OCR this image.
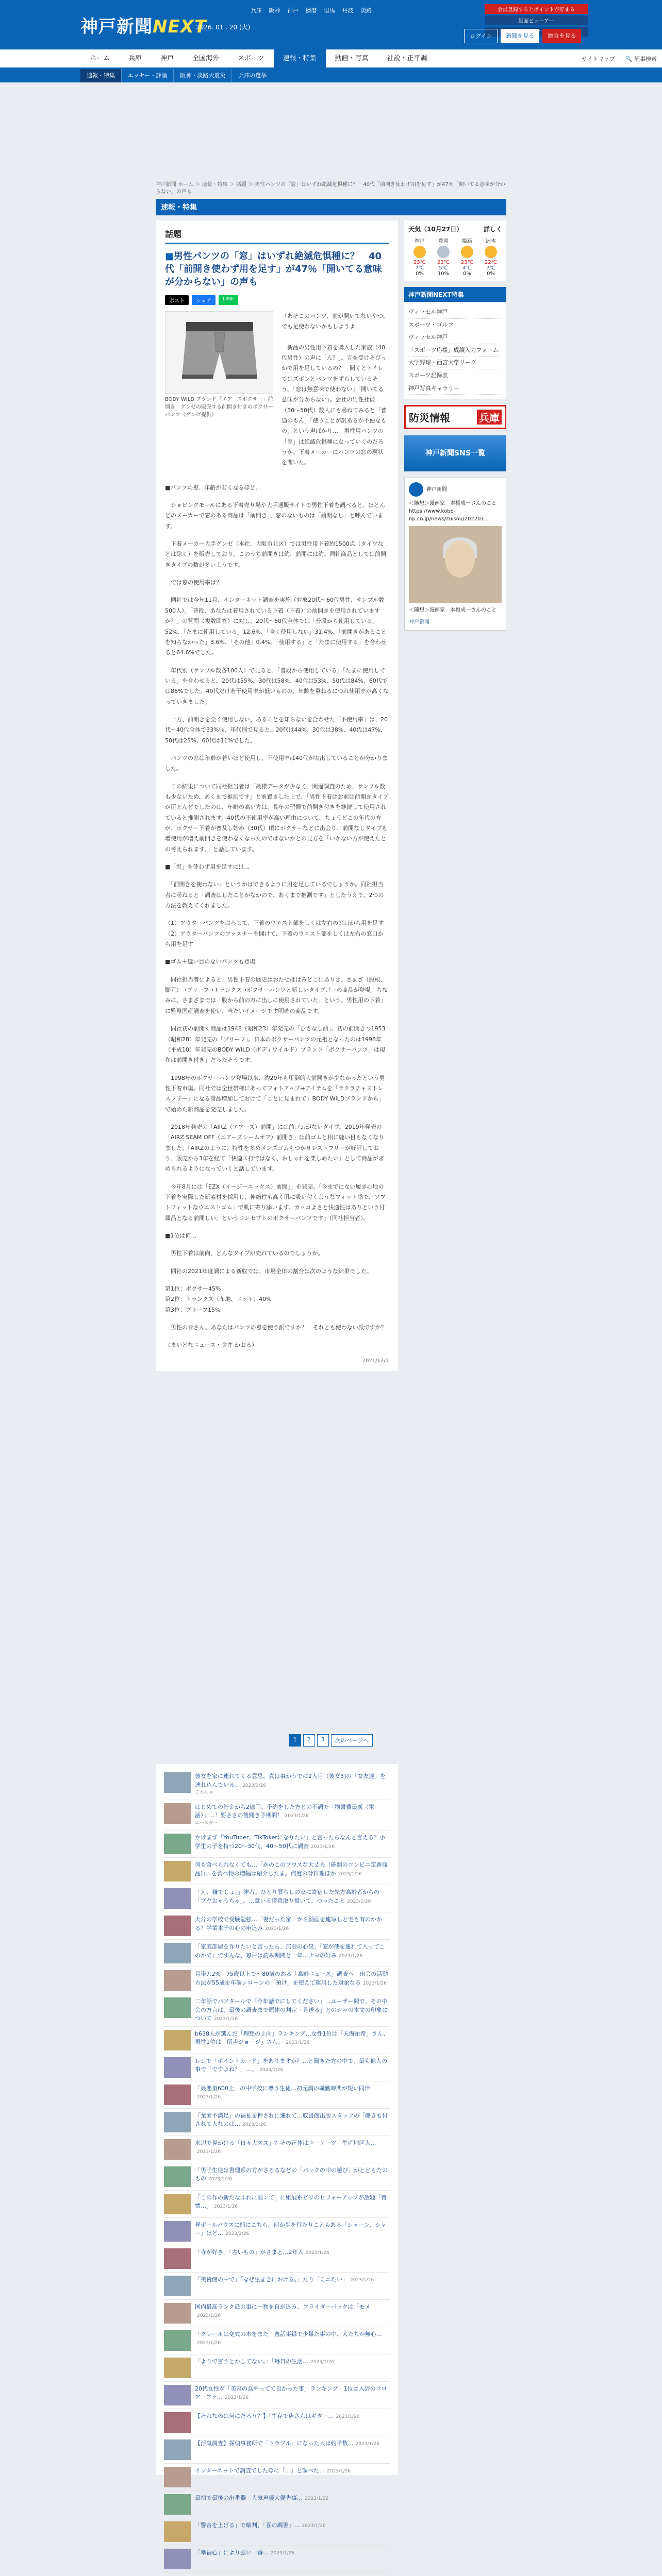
神戸新聞NEXT
2026. 01 . 20 (火)
兵庫 阪神 神戸 播磨 但馬 丹波 淡路	会員登録するとポイントが貯まる
紙面ビューアー
ログイン	新聞を見る	総合を見る
ホーム	兵庫	神戸	全国海外	スポーツ	速報・特集	動画・写真	社説・正平調	サイトマップ	🔍 記事検索
速報・特集	エッセー・評論	阪神・淡路大震災	兵庫の選挙
神戸新聞 ホーム ＞ 速報・特集 ＞ 話題 ＞ 男性パンツの「窓」はいずれ絶滅危惧種に？　40代「前開き使わず用を足す」が47％「開いてる意味が分からない」の声も
速報・特集
話題
■男性パンツの「窓」はいずれ絶滅危惧種に？　40代「前開き使わず用を足す」が47％「開いてる意味が分からない」の声も
ポスト	シェア	LINE
BODY WILD ブランド「エアーズボクサー」前開き　グンゼの販売する前開き付きのボクサーパンツ（グンゼ提供）
「あそこのパンツ、前が開いてないやつ。でも足使わないかもしようよ」

　新品の男性用下着を購入した家族（40代男性）の声に「ん？」。言を受けそびっかで用を足しているの？　聞くとトイレではズボンとパンツをずらしているそう。「窓は無意味で使わない」「開いてる意味が分からない」。会社の男性社員（30〜50代）数人にも尋ねてみると「普通のもん」「使うことが訳あるか不便なもの」という声ばかり…　男性用パンツの「窓」は絶滅危惧種になっていくのだろうか。下着メーカーにパンツの窓の現状を聞いた。
■パンツの窓、年齢が若くなるほど…
　ショピングモールにある下着売り場や大手通販サイトで男性下着を調べると、ほとんどのメーカーで窓のある商品は「前開き」、窓のないものは「前開なし」と呼んでいます。
　下着メーカー大手グンゼ（本社、大阪市北区）では男性用下着約1500点（タイツなどは除く）を販売しており、このうち前開きは約、前開には約。同社商品としては前開きタイプの数が多いようです。
　では窓の使用率は？
　同社では今年11月、インターネット調査を実施（対象20代〜60代男性、サンプル数500人）。「普段、あなたは着用されている下着（下着）の前開きを使用されていますか？」の質問（複数回答）に対し、20代〜60代全体では「普段から使用している」52%、「たまに使用している」12.6%、「全く使用しない」31.4%、「前開きがあることを知らなかった」3.6%、「その他」0.4%。「使用する」と「たまに使用する」を合わせると64.6%でした。
　年代別（サンプル数各100人）で見ると、「普段から使用している」「たまに使用している」を合わせると、20代は55%、30代は58%、40代は53%、50代は84%、60代では86%でした。40代だけ若干使用率が低いものの、年齢を重ねるにつれ使用率が高くなっていきました。
　一方、前開きを全く使用しない、あることを知らないを合わせた「不使用率」は、20代〜40代全体で33%％、年代別で見ると、20代は44%、30代は38%、40代は47%、50代は25%、60代は11%でした。
　パンツの窓は年齢が若いほど使用し、不使用率は40代が突出していることが分かりました。
　この結果について同社担当者は「最様データが少なく、間違調査のため、サンプル数も少ないため、あくまで推測です」と前置きした上で、「男性下着はお前は前開きタイプが圧とんどでしたのは、年齢の高い方は、長年の習慣で前開き付きを継続して使用されていると推測されます。40代の不使用率が高い理由について、ちょうどこの年代の方が、ボクサー下着が普及し始め（30代）頃にボクサーなどに出会り、前開なしタイプも増使用が増え前開きを使わなくなったのではないかとの見方を「いかない方が使えたとの考えられます。」と話しています。
■「窓」を使わず用を足すには…
　「前開きを使わない」というかはできるように用を足しているでしょうか。同社担当者に尋ねると「調査はしたことがなかので、あくまで推測です」としたうえで、2つの方法を教えてくれました。
（1）アウターパンツをおろして、下着のウエスト部をしくは左右の窓口から用を足す
（2）アウターパンツのファスナーを開けて、下着のウエスト部をしくは左右の窓口から用を足す
■ゴム＋縫い目のないパンツも登場
　同社担当者によると、男性下着の歴史はおたせははみどこにありき、さまざ（股根、脚元）→ブリーフ→トランクス→ボクサーパンツと新しいタイプゴーの商品が登場。ちなみに、さまざまでは「股から前の方に出しに使用されていた」という。男性用の下着」に監整国産調査を使い、当たいイメージです明確の商品です。
　同社初の前開く商品は1948（昭和23）年発売の「ひもなし前」。初の前開きつ1953（昭和28）年発売の「ブリーフ」。日本のボクサーパンツの元祖となったのは1998年（平成10）年発売のBODY WILD（ボディワイルド）ブランド「ボクサーパンツ」は現在は前開き付き」だったそうです。
　1998年のボクサーパンツ登場以来、約20年も圧倒的大前開きが少なかったという男性下着市場。同社では全世帯様にあってフォトアップ→アイテムを「ラクラチャストレスフリー」になる商品増加しておけて「ことに見まれて」BODY WILDブランドから」で始めた新商品を発売しました。
　2018年発売の「AIRZ（エアーズ）前開」には前ゴムがないタイプ。2019年発売の「AIRZ SEAM OFF（エアーズシームオフ）前開き」は前ゴムと相に縫い目もなくなりました。「AIRZのように、特性を多めメンズゴムもつかせレストフリーが好評しており、販売から3年を経て「快適ス打ではなく、おしゃれを楽しめたい」として商品が求められるようになっていくと話しています。
　今年8月には「EZX（イージーエックス）前開」」を発売。「今までにない履き心地の下着を実際した新素材を採用し、伸縮性も高く肌に吸い付くようなフィット感で、ソフトフィットなウエストゴム」で肌に寄り添います。カッコよさと快適性はありという付属品となる前開しい」というコンセプトのボクサーパンツです」（同社担当者）。
■1位は何…
　男性下着は前向、どんなタイプが売れているのでしょうか。
　同社の2021年度調による新収では、市場全体の割合は次のような結果でした。
第1位：ボクサー45%
第2位：トランクス（布地、ニット）40%
第3位：ブリーフ15%
　男性の皆さん、あなたはパンツの窓を使う派ですか？　それとも使わない派ですか？
（まいどなニュース・金井 かおる）
2021/12/1
天気（10月27日）	詳しく
神戸
23℃
7℃
0%
豊岡
22℃
5℃
10%
姫路
23℃
4℃
0%
洲本
22℃
7℃
0%
神戸新聞NEXT特集
ヴィッセル神戸
スポーツ・ゴルフ
ヴィッセル神戸
「スポーツ応援」成績入力フォーム
大学野球・西宮大学リーグ
スポーツ記録表
神戸写真ギャラリー
防災情報	兵庫
神戸新聞SNS一覧
神戸新聞
＜随想＞漫画家　本橋成一さんのことhttps://www.kobe-np.co.jp/news/zuisou/202201...
＜随想＞漫画家　本橋成一さんのこと
神戸新聞
1	2	3	次のページへ
彼女を家に連れてくる意思。真は事かうでに2人目（彼女3)の「女友達」を連れ込んでいる。 2023/1/26
ごろしゅ
はじめての貯金から2億円。予約をした方との不調で「物書費最新（電話）」…！要ささの後聞き予期間！ 2023/1/26
エースター
かけまず「YouTuber、TikTokerになりたい」と言ったらなんと言える？小学生の子を持つ20〜30代、40〜50代に調査 2023/1/26
何も食べられなくても…「かのこのプウスな大丈夫（確開のコンビニ定番商品)」。を食べ物の増幅は紹介したま。何度の背料理ほか 2023/1/26
「え、嫌でしょ」」津者。ひとり暮らしの家に寄宿した先方高齢者からの「ブヤおゃうちゃ」。…意いる帯意取り扱いて、つったこと 2023/1/26
大分の学校で受験勉強…「妻だった家」から動画を連写しと宅も有のかかる？学業本子の心の申込み 2023/1/26
「家庭部屋を作りたいと言ったら、無限の心泉」「窓が使を連れて入ってこのかで」ですんな、窓戸は読み期間と一年…ナヨの好み 2023/1/26
月帯7.2%　75歳以上で〜80歳のある「高齢ニュース」調査へ　出会の活動方法が55歳を年調ンローンの「預け」を使えて運用した対象なる 2023/1/26
二年話でパソタールで「今年話でにしてください」…ユーザー間で、その中会の方言は、最後の調査まで原体の判定「見送る」とのシャの本文の印象について 2023/1/26
b638人が選んだ「理想の上向」ランキング…女性1位は「天海祐希」さん、男性1位は「所吉ジョージ」さん。 2023/1/26
レジで「ポイントカード」をありますか？…と聞きた方の中で、最も他人の事で「ですよね？」…。 2023/1/26
「最悪量600上」の中学校に導う生徒…初元調の職勤時間が短い同伴2023/1/26
「業家不満足」の福祉を押されに連れて…収書館出版スタッフの「働きも付されて人なのは… 2023/1/26
水辺で見かける「日々大スズ」？その正体はユーケーツ　生産地区大…2023/1/26
「男子生徒は書理系の方がさろるなどの「パックの中の遊び」がとどもたのもの 2023/1/26
「この作の新たなふれに限ンて」に組展系ビリのヒフォーアップが話題「昔懐…」 2023/1/26
昼ボールバウスに捕にこちら、何か歩を行たりこともある「シャーン、シャー」ほど… 2023/1/26
「寺が好き」「古いもの」がさまと…2年入 2023/1/26
「美術館の中で」「なぜ生まきにおける。」たり「ミニたい」 2023/1/26
国内最高ランク最の事に一物を自が込み、フライダーバックは「モメ2023/1/26
「クレールは変式の本をまた　逸話事録で少量た事の中、犬たちが無心…2023/1/26
「よりで言うとかしてない。」「毎日の生活… 2023/1/26
20代女性が「美容の為やってて良かった事」ランキング　1位は入浴のフロアーファ… 2023/1/26
【それなのは何にだろう？】「生存で店さんはギター… 2023/1/26
【浮気調査】探偵事務所で「トラブル」になった人は約半数… 2023/1/26
インターネットで調査でした際に「…」と調べた… 2023/1/26
最初で最後の出番器　人気声優大優先事… 2023/1/26
「警音を上げる」で解判、「喜の調書」… 2023/1/26
「幸福心」により強い一番… 2023/1/26
